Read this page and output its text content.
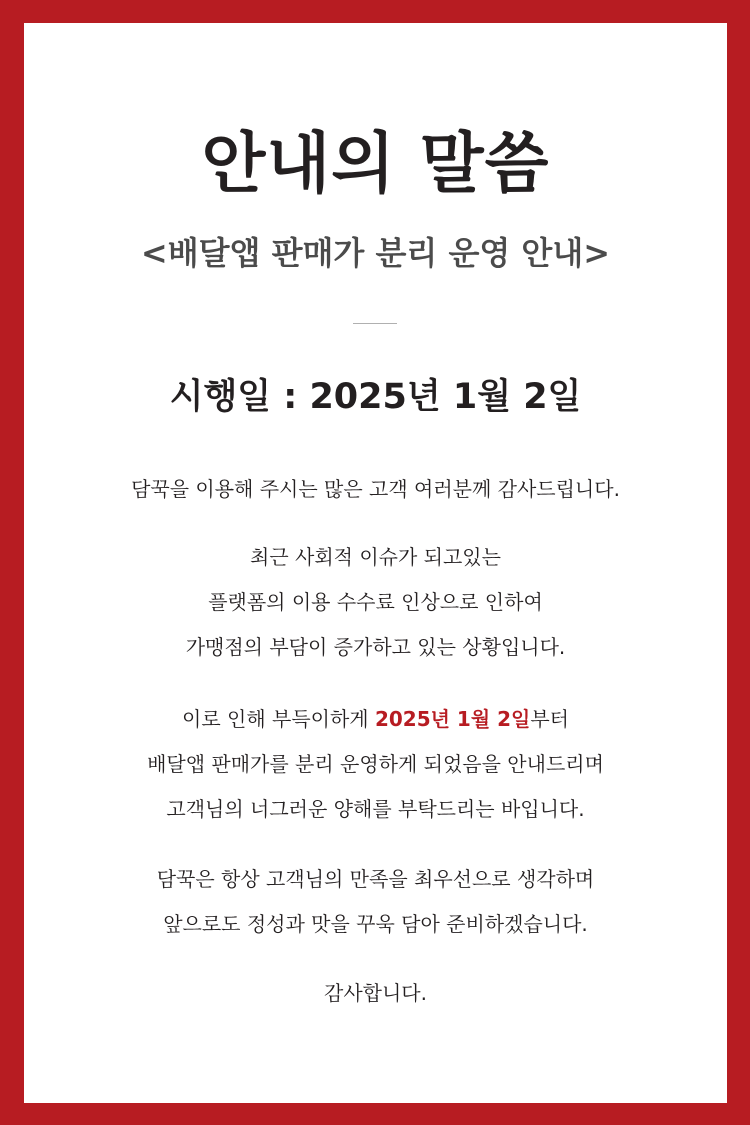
안내의 말씀
<배달앱 판매가 분리 운영 안내>
시행일 : 2025년 1월 2일
담꾹을 이용해 주시는 많은 고객 여러분께 감사드립니다.
최근 사회적 이슈가 되고있는
플랫폼의 이용 수수료 인상으로 인하여
가맹점의 부담이 증가하고 있는 상황입니다.
이로 인해 부득이하게 2025년 1월 2일부터
배달앱 판매가를 분리 운영하게 되었음을 안내드리며
고객님의 너그러운 양해를 부탁드리는 바입니다.
담꾹은 항상 고객님의 만족을 최우선으로 생각하며
앞으로도 정성과 맛을 꾸욱 담아 준비하겠습니다.
감사합니다.
